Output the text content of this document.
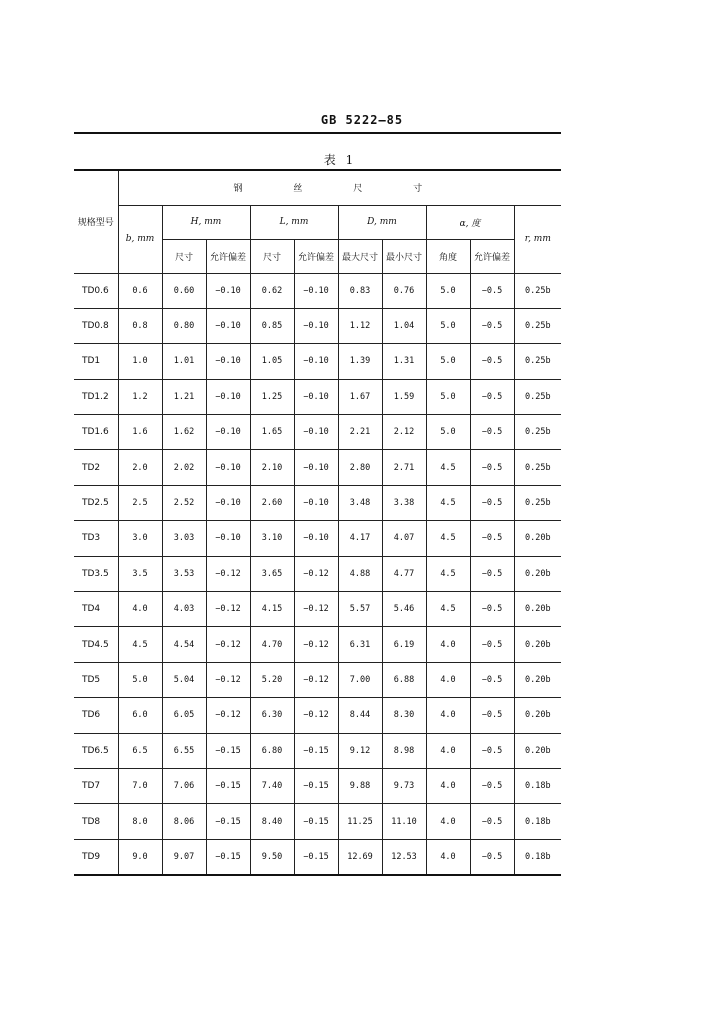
GB 5222—85
表 1
规格型号	钢 丝 尺 寸									
	b, mm	H, mm		L, mm		D, mm		α, 度		r, mm
		尺寸	允许偏差	尺寸	允许偏差	最大尺寸	最小尺寸	角度	允许偏差	
TD0.6	0.6	0.60	−0.10	0.62	−0.10	0.83	0.76	5.0	−0.5	0.25b
TD0.8	0.8	0.80	−0.10	0.85	−0.10	1.12	1.04	5.0	−0.5	0.25b
TD1	1.0	1.01	−0.10	1.05	−0.10	1.39	1.31	5.0	−0.5	0.25b
TD1.2	1.2	1.21	−0.10	1.25	−0.10	1.67	1.59	5.0	−0.5	0.25b
TD1.6	1.6	1.62	−0.10	1.65	−0.10	2.21	2.12	5.0	−0.5	0.25b
TD2	2.0	2.02	−0.10	2.10	−0.10	2.80	2.71	4.5	−0.5	0.25b
TD2.5	2.5	2.52	−0.10	2.60	−0.10	3.48	3.38	4.5	−0.5	0.25b
TD3	3.0	3.03	−0.10	3.10	−0.10	4.17	4.07	4.5	−0.5	0.20b
TD3.5	3.5	3.53	−0.12	3.65	−0.12	4.88	4.77	4.5	−0.5	0.20b
TD4	4.0	4.03	−0.12	4.15	−0.12	5.57	5.46	4.5	−0.5	0.20b
TD4.5	4.5	4.54	−0.12	4.70	−0.12	6.31	6.19	4.0	−0.5	0.20b
TD5	5.0	5.04	−0.12	5.20	−0.12	7.00	6.88	4.0	−0.5	0.20b
TD6	6.0	6.05	−0.12	6.30	−0.12	8.44	8.30	4.0	−0.5	0.20b
TD6.5	6.5	6.55	−0.15	6.80	−0.15	9.12	8.98	4.0	−0.5	0.20b
TD7	7.0	7.06	−0.15	7.40	−0.15	9.88	9.73	4.0	−0.5	0.18b
TD8	8.0	8.06	−0.15	8.40	−0.15	11.25	11.10	4.0	−0.5	0.18b
TD9	9.0	9.07	−0.15	9.50	−0.15	12.69	12.53	4.0	−0.5	0.18b
